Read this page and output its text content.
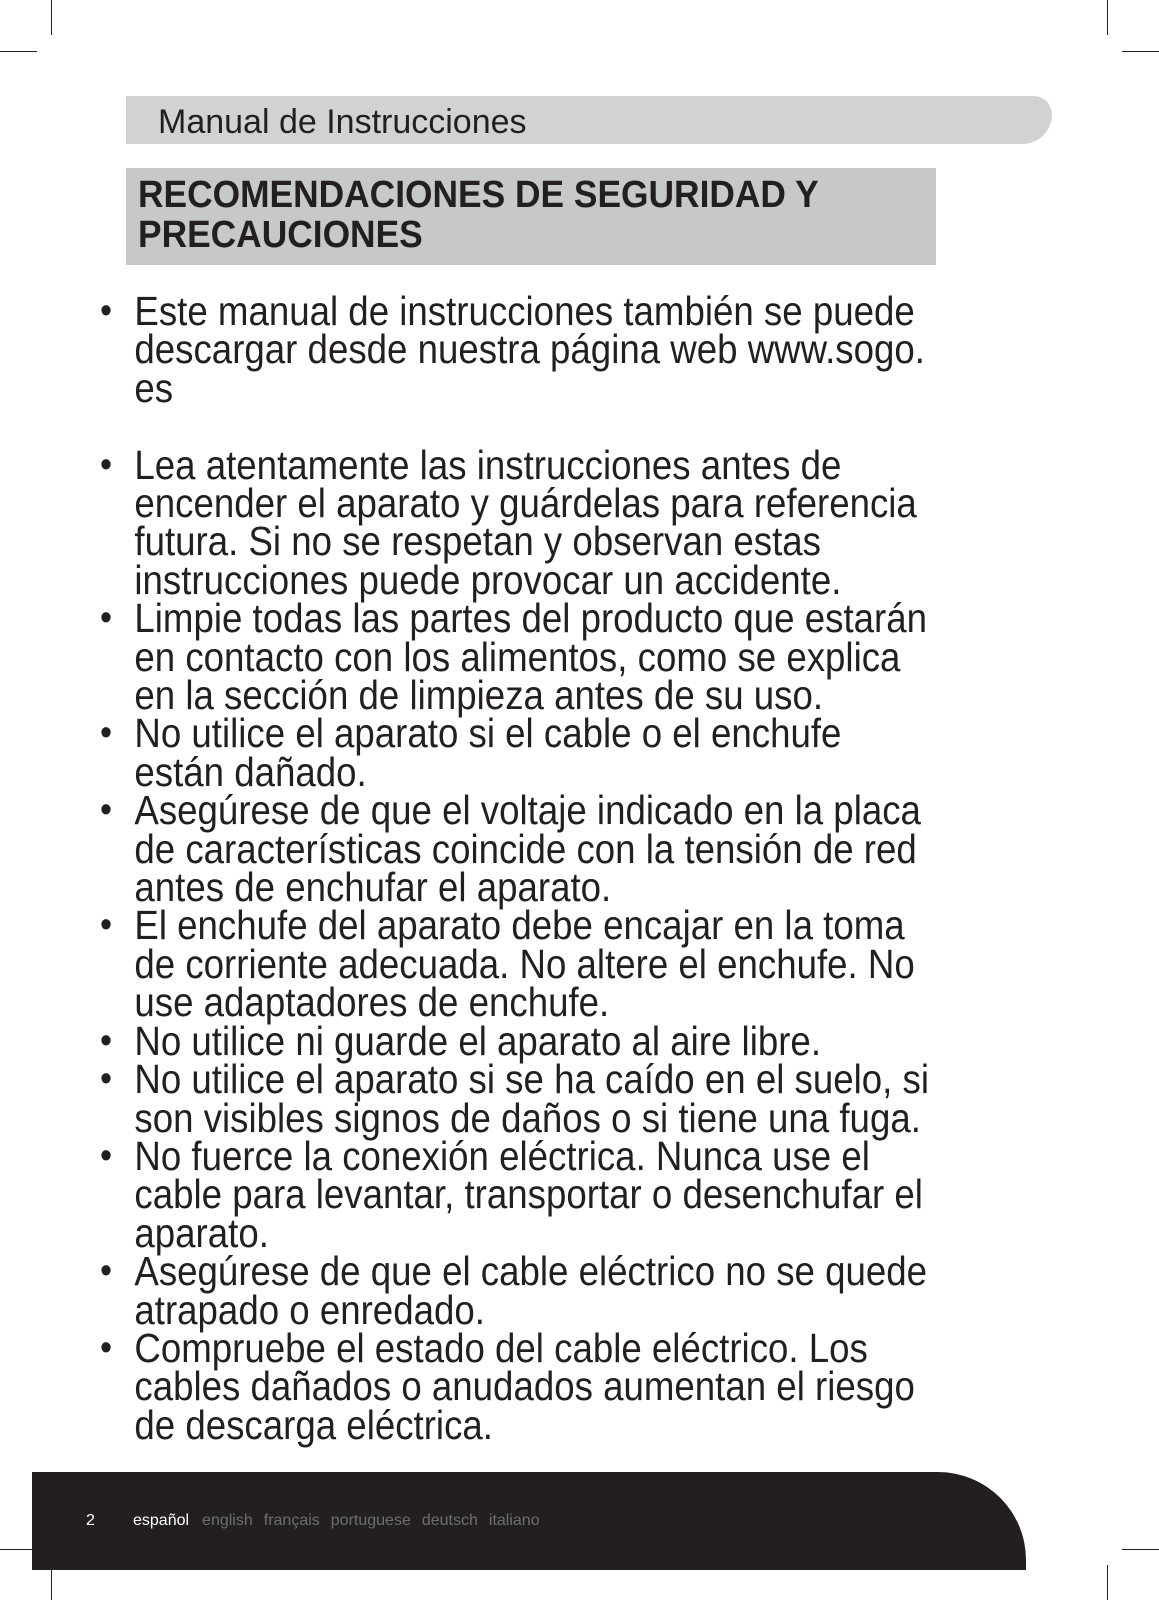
Manual de Instrucciones
RECOMENDACIONES DE SEGURIDAD Y
PRECAUCIONES
• Este manual de instrucciones también se puede
descargar desde nuestra página web www.sogo.
es
• Lea atentamente las instrucciones antes de
encender el aparato y guárdelas para referencia
futura. Si no se respetan y observan estas
instrucciones puede provocar un accidente.
• Limpie todas las partes del producto que estarán
en contacto con los alimentos, como se explica
en la sección de limpieza antes de su uso.
• No utilice el aparato si el cable o el enchufe
están dañado.
• Asegúrese de que el voltaje indicado en la placa
de características coincide con la tensión de red
antes de enchufar el aparato.
• El enchufe del aparato debe encajar en la toma
de corriente adecuada. No altere el enchufe. No
use adaptadores de enchufe.
• No utilice ni guarde el aparato al aire libre.
• No utilice el aparato si se ha caído en el suelo, si
son visibles signos de daños o si tiene una fuga.
• No fuerce la conexión eléctrica. Nunca use el
cable para levantar, transportar o desenchufar el
aparato.
• Asegúrese de que el cable eléctrico no se quede
atrapado o enredado.
• Compruebe el estado del cable eléctrico. Los
cables dañados o anudados aumentan el riesgo
de descarga eléctrica.
2 español english français portuguese deutsch italiano
